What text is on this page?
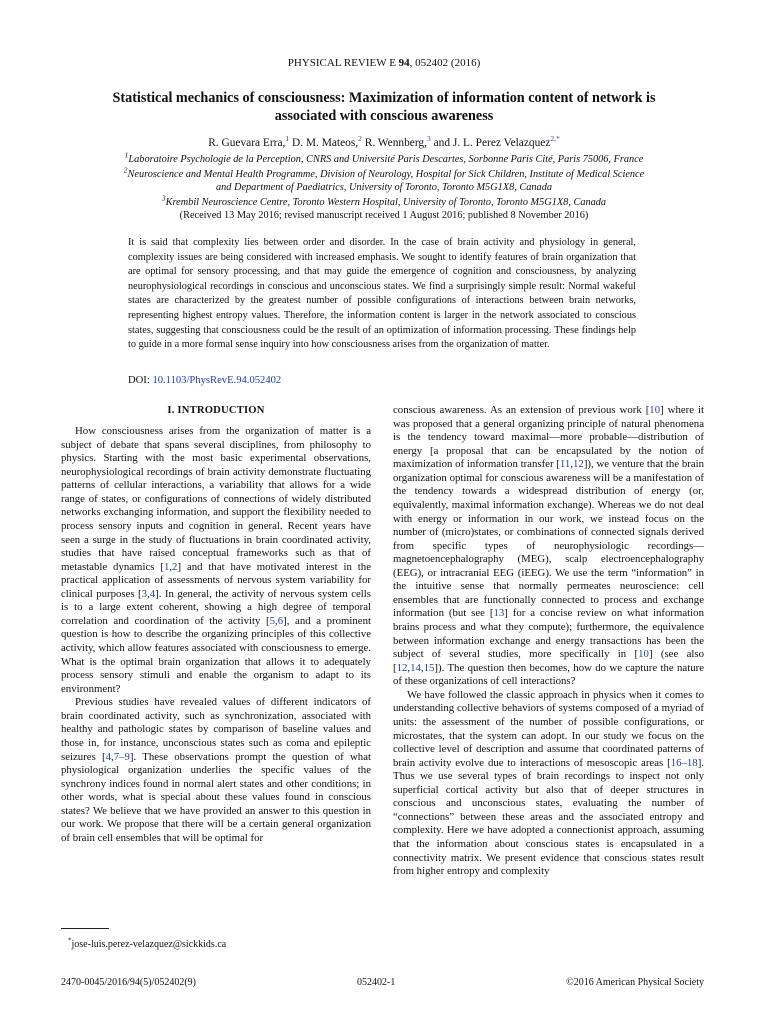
PHYSICAL REVIEW E 94, 052402 (2016)
Statistical mechanics of consciousness: Maximization of information content of network is associated with conscious awareness
R. Guevara Erra,$^1$ D. M. Mateos,$^2$ R. Wennberg,$^3$ and J. L. Perez Velazquez$^{2,*}$
$^1$Laboratoire Psychologie de la Perception, CNRS and Université Paris Descartes, Sorbonne Paris Cité, Paris 75006, France
$^2$Neuroscience and Mental Health Programme, Division of Neurology, Hospital for Sick Children, Institute of Medical Science
and Department of Paediatrics, University of Toronto, Toronto M5G1X8, Canada
$^3$Krembil Neuroscience Centre, Toronto Western Hospital, University of Toronto, Toronto M5G1X8, Canada
(Received 13 May 2016; revised manuscript received 1 August 2016; published 8 November 2016)
It is said that complexity lies between order and disorder. In the case of brain activity and physiology in general, complexity issues are being considered with increased emphasis. We sought to identify features of brain organization that are optimal for sensory processing, and that may guide the emergence of cognition and consciousness, by analyzing neurophysiological recordings in conscious and unconscious states. We find a surprisingly simple result: Normal wakeful states are characterized by the greatest number of possible configurations of interactions between brain networks, representing highest entropy values. Therefore, the information content is larger in the network associated to conscious states, suggesting that consciousness could be the result of an optimization of information processing. These findings help to guide in a more formal sense inquiry into how consciousness arises from the organization of matter.
DOI: 10.1103/PhysRevE.94.052402
I. INTRODUCTION

How consciousness arises from the organization of matter is a subject of debate that spans several disciplines, from philosophy to physics. Starting with the most basic experimental observations, neurophysiological recordings of brain activity demonstrate fluctuating patterns of cellular interactions, a variability that allows for a wide range of states, or configurations of connections of widely distributed networks exchanging information, and support the flexibility needed to process sensory inputs and cognition in general. Recent years have seen a surge in the study of fluctuations in brain coordinated activity, studies that have raised conceptual frameworks such as that of metastable dynamics [1,2] and that have motivated interest in the practical application of assessments of nervous system variability for clinical purposes [3,4]. In general, the activity of nervous system cells is to a large extent coherent, showing a high degree of temporal correlation and coordination of the activity [5,6], and a prominent question is how to describe the organizing principles of this collective activity, which allow features associated with consciousness to emerge. What is the optimal brain organization that allows it to adequately process sensory stimuli and enable the organism to adapt to its environment?

Previous studies have revealed values of different indicators of brain coordinated activity, such as synchronization, associated with healthy and pathologic states by comparison of baseline values and those in, for instance, unconscious states such as coma and epileptic seizures [4,7–9]. These observations prompt the question of what physiological organization underlies the specific values of the synchrony indices found in normal alert states and other conditions; in other words, what is special about these values found in conscious states? We believe that we have provided an answer to this question in our work. We propose that there will be a certain general organization of brain cell ensembles that will be optimal for

conscious awareness. As an extension of previous work [10] where it was proposed that a general organizing principle of natural phenomena is the tendency toward maximal—more probable—distribution of energy [a proposal that can be encapsulated by the notion of maximization of information transfer [11,12]), we venture that the brain organization optimal for conscious awareness will be a manifestation of the tendency towards a widespread distribution of energy (or, equivalently, maximal information exchange). Whereas we do not deal with energy or information in our work, we instead focus on the number of (micro)states, or combinations of connected signals derived from specific types of neurophysiologic recordings—magnetoencephalography (MEG), scalp electroencephalography (EEG), or intracranial EEG (iEEG). We use the term “information” in the intuitive sense that normally permeates neuroscience: cell ensembles that are functionally connected to process and exchange information (but see [13] for a concise review on what information brains process and what they compute); furthermore, the equivalence between information exchange and energy transactions has been the subject of several studies, more specifically in [10] (see also [12,14,15]). The question then becomes, how do we capture the nature of these organizations of cell interactions?

We have followed the classic approach in physics when it comes to understanding collective behaviors of systems composed of a myriad of units: the assessment of the number of possible configurations, or microstates, that the system can adopt. In our study we focus on the collective level of description and assume that coordinated patterns of brain activity evolve due to interactions of mesoscopic areas [16–18]. Thus we use several types of brain recordings to inspect not only superficial cortical activity but also that of deeper structures in conscious and unconscious states, evaluating the number of “connections” between these areas and the associated entropy and complexity. Here we have adopted a connectionist approach, assuming that the information about conscious states is encapsulated in a connectivity matrix. We present evidence that conscious states result from higher entropy and complexity

*jose-luis.perez-velazquez@sickkids.ca
2470-0045/2016/94(5)/052402(9)	052402-1	©2016 American Physical Society
